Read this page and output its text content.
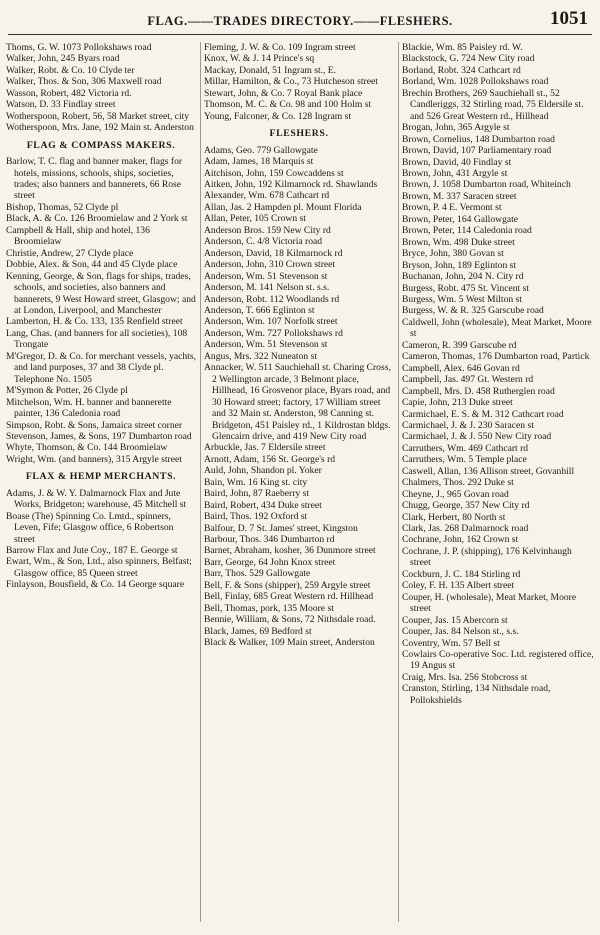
FLAG.——TRADES DIRECTORY.——FLESHERS.	1051
Thoms, G. W. 1073 Pollokshaws road
Walker, John, 245 Byars road
Walker, Robt. & Co. 10 Clyde ter
Walker, Thos. & Son, 306 Maxwell road
Wasson, Robert, 482 Victoria rd.
Watson, D. 33 Findlay street
Wotherspoon, Robert, 56, 58 Market street, city
Wotherspoon, Mrs. Jane, 192 Main st. Anderston
FLAG & COMPASS MAKERS.
Barlow, T. C. flag and banner maker, flags for hotels, missions, schools, ships, societies, trades; also banners and bannerets, 66 Rose street
Bishop, Thomas, 52 Clyde pl
Black, A. & Co. 126 Broomielaw and 2 York st
Campbell & Hall, ship and hotel, 136 Broomielaw
Christie, Andrew, 27 Clyde place
Dobbie, Alex. & Son, 44 and 45 Clyde place
Kenning, George, & Son, flags for ships, trades, schools, and societies, also banners and bannerets, 9 West Howard street, Glasgow; and at London, Liverpool, and Manchester
Lamberton, H. & Co. 133, 135 Renfield street
Lang, Chas. (and banners for all societies), 108 Trongate
M'Gregor, D. & Co. for merchant vessels, yachts, and land purposes, 37 and 38 Clyde pl. Telephone No. 1505
M'Symon & Potter, 26 Clyde pl
Mitchelson, Wm. H. banner and bannerette painter, 136 Caledonia road
Simpson, Robt. & Sons, Jamaica street corner
Stevenson, James, & Sons, 197 Dumbarton road
Whyte, Thomson, & Co. 144 Broomielaw
Wright, Wm. (and banners), 315 Argyle street
FLAX & HEMP MERCHANTS.
Adams, J. & W. Y. Dalmarnock Flax and Jute Works, Bridgeton; warehouse, 45 Mitchell st
Boase (The) Spinning Co. Lmtd., spinners, Leven, Fife; Glasgow office, 6 Robertson street
Barrow Flax and Jute Coy., 187 E. George st
Ewart, Wm., & Son, Ltd., also spinners, Belfast; Glasgow office, 85 Queen street
Finlayson, Bousfield, & Co. 14 George square
Fleming, J. W. & Co. 109 Ingram street
Knox, W. & J. 14 Prince's sq
Mackay, Donald, 51 Ingram st., E.
Millar, Hamilton, & Co., 73 Hutcheson street
Stewart, John, & Co. 7 Royal Bank place
Thomson, M. C. & Co. 98 and 100 Holm st
Young, Falconer, & Co. 128 Ingram st
FLESHERS.
Adams, Geo. 779 Gallowgate
Adam, James, 18 Marquis st
Aitchison, John, 159 Cowcaddens st
Aitken, John, 192 Kilmarnock rd. Shawlands
Alexander, Wm. 678 Cathcart rd
Allan, Jas. 2 Hampden pl. Mount Florida
Allan, Peter, 105 Crown st
Anderson Bros. 159 New City rd
Anderson, C. 4/8 Victoria road
Anderson, David, 18 Kilmarnock rd
Anderson, John, 310 Crown street
Anderson, Wm. 51 Stevenson st
Anderson, M. 141 Nelson st. s.s.
Anderson, Robt. 112 Woodlands rd
Anderson, T. 666 Eglinton st
Anderson, Wm. 107 Norfolk street
Anderson, Wm. 727 Pollokshaws rd
Anderson, Wm. 51 Stevenson st
Angus, Mrs. 322 Nuneaton st
Annacker, W. 511 Sauchiehall st. Charing Cross, 2 Wellington arcade, 3 Belmont place, Hillhead, 16 Grosvenor place, Byars road, and 30 Howard street; factory, 17 William street and 32 Main st. Anderston, 98 Canning st. Bridgeton, 451 Paisley rd., 1 Kildrostan bldgs. Glencairn drive, and 419 New City road
Arbuckle, Jas. 7 Eldersile street
Arnott, Adam, 156 St. George's rd
Auld, John, Shandon pl. Yoker
Bain, Wm. 16 King st. city
Baird, John, 87 Raeberry st
Baird, Robert, 434 Duke street
Baird, Thos. 192 Oxford st
Balfour, D. 7 St. James' street, Kingston
Barbour, Thos. 346 Dumbarton rd
Barnet, Abraham, kosher, 36 Dunmore street
Barr, George, 64 John Knox street
Barr, Thos. 529 Gallowgate
Bell, F. & Sons (shipper), 259 Argyle street
Bell, Finlay, 685 Great Western rd. Hillhead
Bell, Thomas, pork, 135 Moore st
Bennie, William, & Sons, 72 Nithsdale road.
Black, James, 69 Bedford st
Black & Walker, 109 Main street, Anderston
Blackie, Wm. 85 Paisley rd. W.
Blackstock, G. 724 New City road
Borland, Robt. 324 Cathcart rd
Borland, Wm. 1028 Pollokshaws road
Brechin Brothers, 269 Sauchiehall st., 52 Candleriggs, 32 Stirling road, 75 Eldersile st. and 526 Great Western rd., Hillhead
Brogan, John, 365 Argyle st
Brown, Cornelius, 148 Dumbarton road
Brown, David, 107 Parliamentary road
Brown, David, 40 Findlay st
Brown, John, 431 Argyle st
Brown, J. 1058 Dumbarton road, Whiteinch
Brown, M. 337 Saracen street
Brown, P. 4 E. Vermont st
Brown, Peter, 164 Gallowgate
Brown, Peter, 114 Caledonia road
Brown, Wm. 498 Duke street
Bryce, John, 380 Govan st
Bryson, John, 189 Eglinton st
Buchanan, John, 204 N. City rd
Burgess, Robt. 475 St. Vincent st
Burgess, Wm. 5 West Milton st
Burgess, W. & R. 325 Garscube road
Caldwell, John (wholesale), Meat Market, Moore st
Cameron, R. 399 Garscube rd
Cameron, Thomas, 176 Dumbarton road, Partick
Campbell, Alex. 646 Govan rd
Campbell, Jas. 497 Gt. Western rd
Campbell, Mrs. D. 458 Rutherglen road
Capie, John, 213 Duke street
Carmichael, E. S. & M. 312 Cathcart road
Carmichael, J. & J. 230 Saracen st
Carmichael, J. & J. 550 New City road
Carruthers, Wm. 469 Cathcart rd
Carruthers, Wm. 5 Temple place
Caswell, Allan, 136 Allison street, Govanhill
Chalmers, Thos. 292 Duke st
Cheyne, J., 965 Govan road
Chugg, George, 357 New City rd
Clark, Herbert, 80 North st
Clark, Jas. 268 Dalmarnock road
Cochrane, John, 162 Crown st
Cochrane, J. P. (shipping), 176 Kelvinhaugh street
Cockburn, J. C. 184 Stirling rd
Coley, F. H. 135 Albert street
Couper, H. (wholesale), Meat Market, Moore street
Couper, Jas. 15 Abercorn st
Couper, Jas. 84 Nelson st., s.s.
Coventry, Wm. 57 Bell st
Cowlairs Co-operative Soc. Ltd. registered office, 19 Angus st
Craig, Mrs. Isa. 256 Stobcross st
Cranston, Stirling, 134 Nithsdale road, Pollokshields
